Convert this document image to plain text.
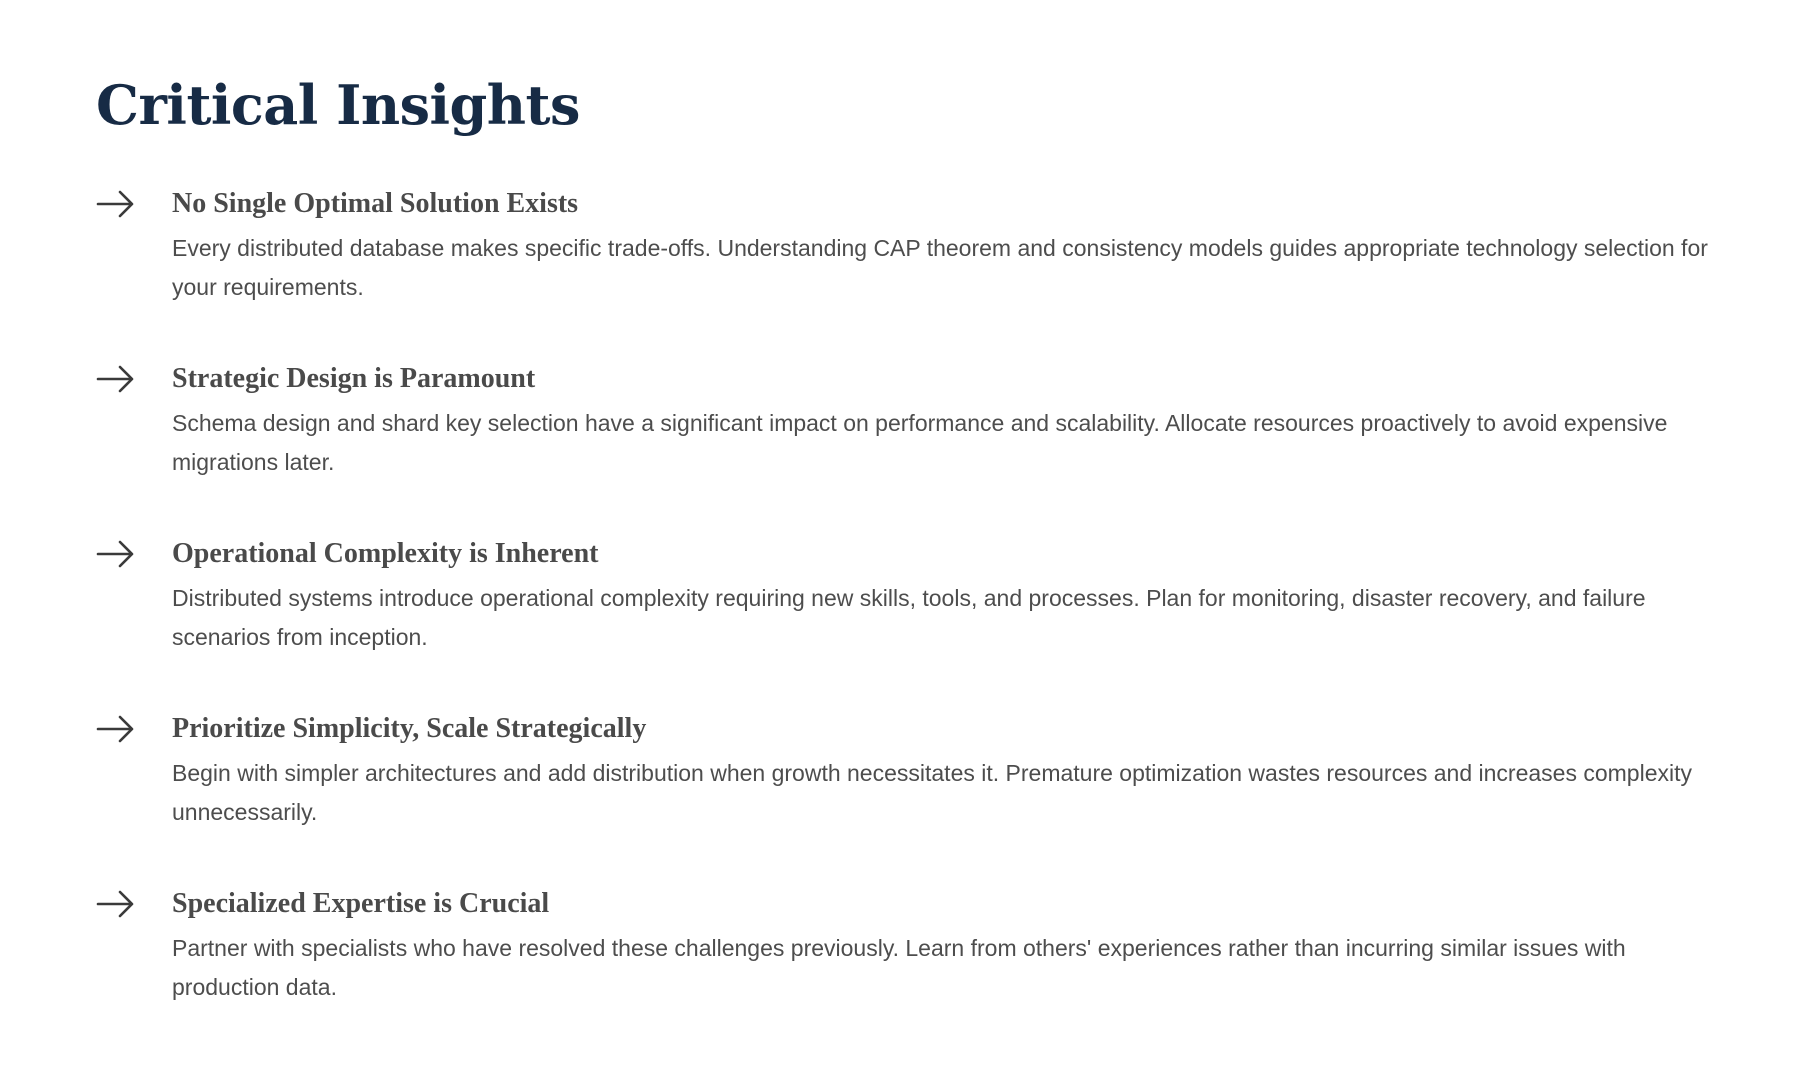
Critical Insights
No Single Optimal Solution Exists

Every distributed database makes specific trade-offs. Understanding CAP theorem and consistency models guides appropriate technology selection for your requirements.

Strategic Design is Paramount

Schema design and shard key selection have a significant impact on performance and scalability. Allocate resources proactively to avoid expensive migrations later.

Operational Complexity is Inherent

Distributed systems introduce operational complexity requiring new skills, tools, and processes. Plan for monitoring, disaster recovery, and failure scenarios from inception.

Prioritize Simplicity, Scale Strategically

Begin with simpler architectures and add distribution when growth necessitates it. Premature optimization wastes resources and increases complexity unnecessarily.

Specialized Expertise is Crucial

Partner with specialists who have resolved these challenges previously. Learn from others' experiences rather than incurring similar issues with production data.
